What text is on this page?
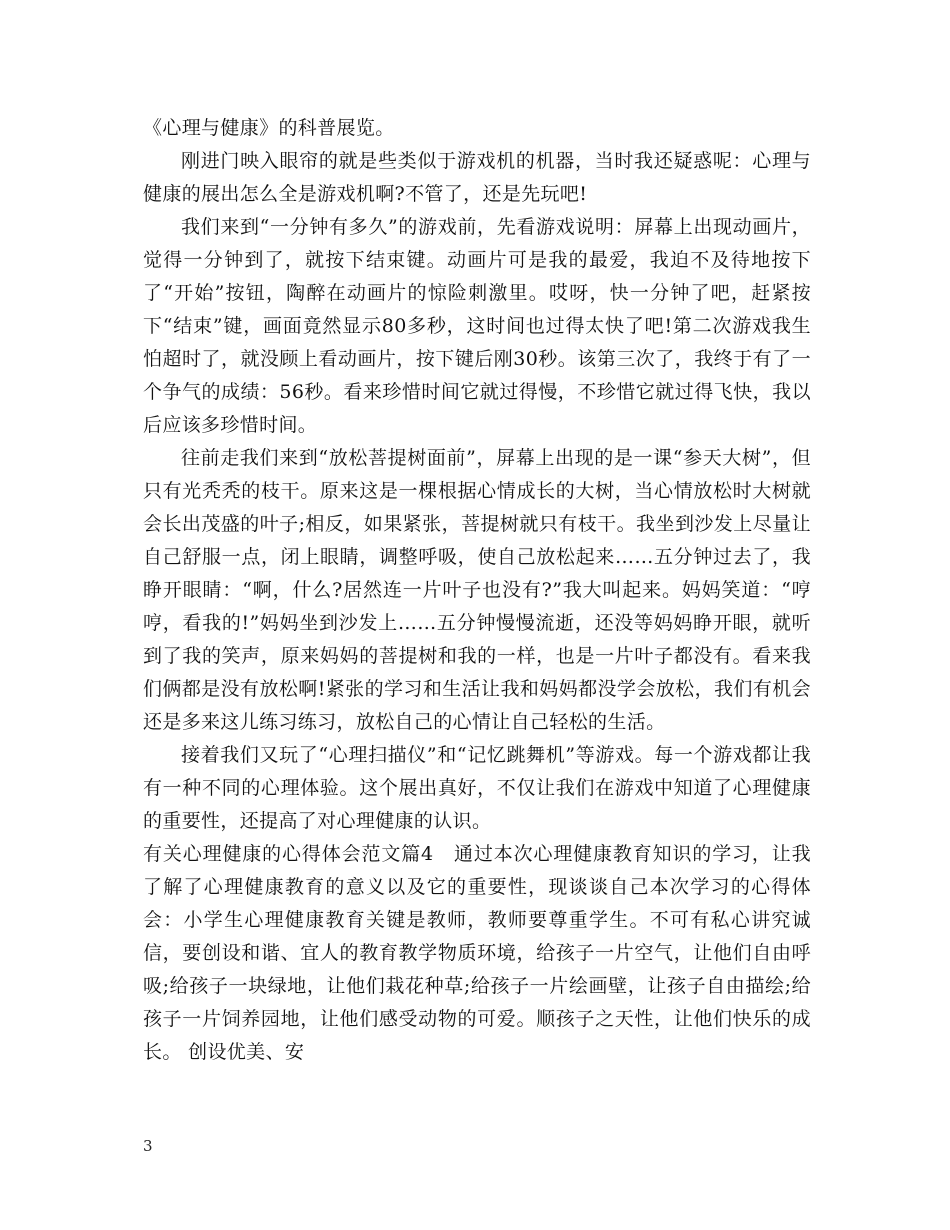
《心理与健康》的科普展览。

刚进门映入眼帘的就是些类似于游戏机的机器，当时我还疑惑呢：心理与健康的展出怎么全是游戏机啊?不管了，还是先玩吧!

我们来到“一分钟有多久”的游戏前，先看游戏说明：屏幕上出现动画片，觉得一分钟到了，就按下结束键。动画片可是我的最爱，我迫不及待地按下了“开始”按钮，陶醉在动画片的惊险刺激里。哎呀，快一分钟了吧，赶紧按下“结束”键，画面竟然显示80多秒，这时间也过得太快了吧!第二次游戏我生怕超时了，就没顾上看动画片，按下键后刚30秒。该第三次了，我终于有了一个争气的成绩：56秒。看来珍惜时间它就过得慢，不珍惜它就过得飞快，我以后应该多珍惜时间。

往前走我们来到“放松菩提树面前”，屏幕上出现的是一课“参天大树”，但只有光秃秃的枝干。原来这是一棵根据心情成长的大树，当心情放松时大树就会长出茂盛的叶子;相反，如果紧张，菩提树就只有枝干。我坐到沙发上尽量让自己舒服一点，闭上眼睛，调整呼吸，使自己放松起来……五分钟过去了，我睁开眼睛：“啊，什么?居然连一片叶子也没有?”我大叫起来。妈妈笑道：“哼哼，看我的!”妈妈坐到沙发上……五分钟慢慢流逝，还没等妈妈睁开眼，就听到了我的笑声，原来妈妈的菩提树和我的一样，也是一片叶子都没有。看来我们俩都是没有放松啊!紧张的学习和生活让我和妈妈都没学会放松，我们有机会还是多来这儿练习练习，放松自己的心情让自己轻松的生活。

接着我们又玩了“心理扫描仪”和“记忆跳舞机”等游戏。每一个游戏都让我有一种不同的心理体验。这个展出真好，不仅让我们在游戏中知道了心理健康的重要性，还提高了对心理健康的认识。

有关心理健康的心得体会范文篇4 通过本次心理健康教育知识的学习，让我了解了心理健康教育的意义以及它的重要性，现谈谈自己本次学习的心得体会：小学生心理健康教育关键是教师，教师要尊重学生。不可有私心讲究诚信，要创设和谐、宜人的教育教学物质环境，给孩子一片空气，让他们自由呼吸;给孩子一块绿地，让他们栽花种草;给孩子一片绘画壁，让孩子自由描绘;给孩子一片饲养园地，让他们感受动物的可爱。顺孩子之天性，让他们快乐的成长。 创设优美、安

3
